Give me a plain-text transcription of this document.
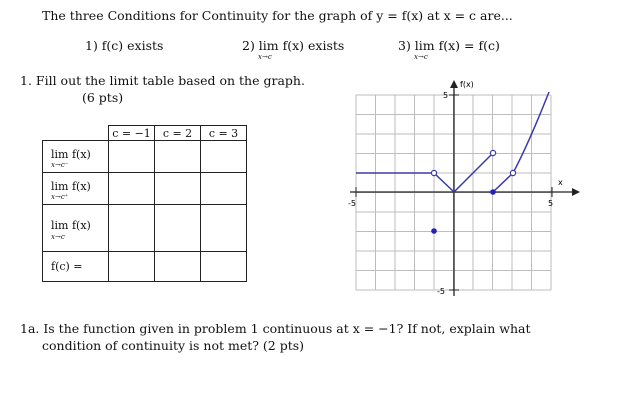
The three Conditions for Continuity for the graph of y = f(x) at x = c are...
1) f(c) exists	2) lim f(x) exists
x→c
3) lim f(x) = f(c)
x→c
1. Fill out the limit table based on the graph.
(6 pts)
	c = −1	c = 2	c = 3

lim f(x)
x→c⁻			

lim f(x)
x→c⁺			

lim f(x)
x→c			

f(c) =			

f(x)
x
5
-5
-5	5
1a. Is the function given in problem 1 continuous at x = −1? If not, explain what
condition of continuity is not met? (2 pts)
